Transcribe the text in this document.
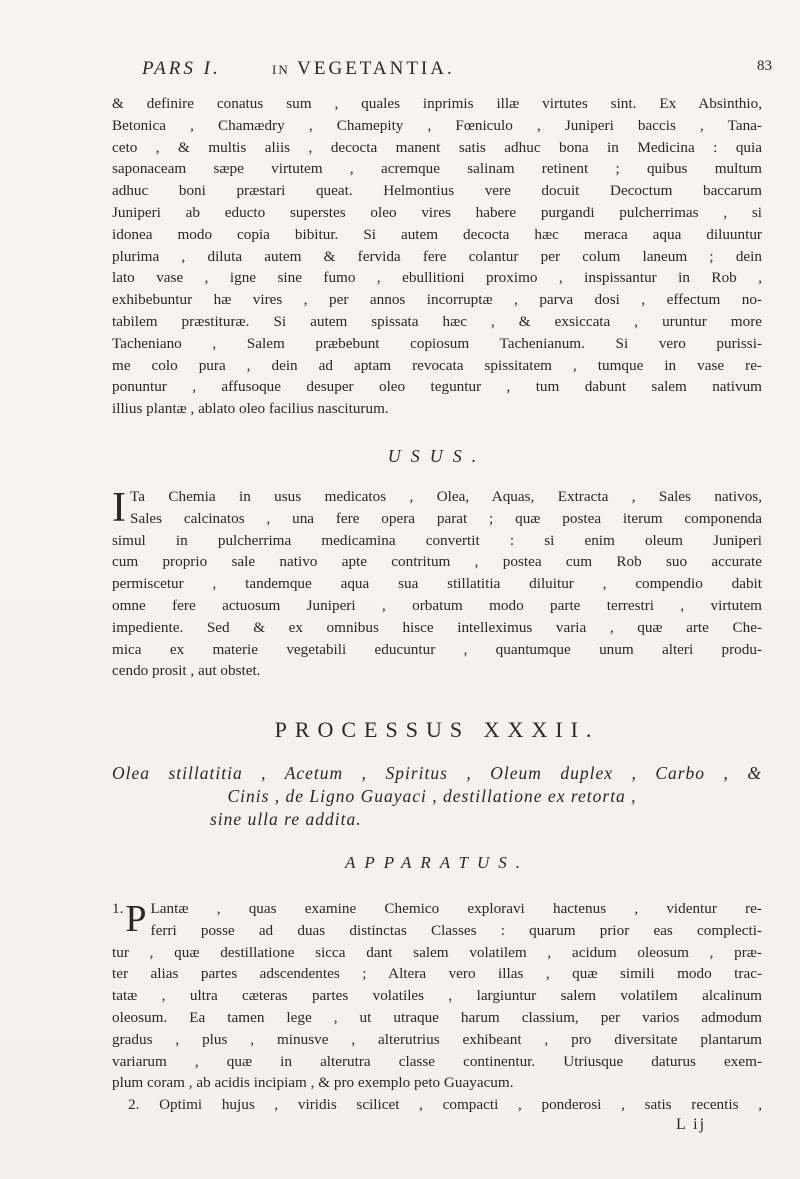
PARS I.	IN VEGETANTIA.	83
& definire conatus sum , quales inprimis illæ virtutes sint. Ex Absinthio,
Betonica , Chamædry , Chamepity , Fœniculo , Juniperi baccis , Tana-
ceto , & multis aliis , decocta manent satis adhuc bona in Medicina : quia
saponaceam sæpe virtutem , acremque salinam retinent ; quibus multum
adhuc boni præstari queat. Helmontius vere docuit Decoctum baccarum
Juniperi ab educto superstes oleo vires habere purgandi pulcherrimas , si
idonea modo copia bibitur. Si autem decocta hæc meraca aqua diluuntur
plurima , diluta autem & fervida fere colantur per colum laneum ; dein
lato vase , igne sine fumo , ebullitioni proximo , inspissantur in Rob ,
exhibebuntur hæ vires , per annos incorruptæ , parva dosi , effectum no-
tabilem præstituræ. Si autem spissata hæc , & exsiccata , uruntur more
Tacheniano , Salem præbebunt copiosum Tachenianum. Si vero purissi-
me colo pura , dein ad aptam revocata spissitatem , tumque in vase re-
ponuntur , affusoque desuper oleo teguntur , tum dabunt salem nativum
illius plantæ , ablato oleo facilius nasciturum.
USUS.
I Ta Chemia in usus medicatos , Olea, Aquas, Extracta , Sales nativos,
Sales calcinatos , una fere opera parat ; quæ postea iterum componenda
simul in pulcherrima medicamina convertit : si enim oleum Juniperi
cum proprio sale nativo apte contritum , postea cum Rob suo accurate
permiscetur , tandemque aqua sua stillatitia diluitur , compendio dabit
omne fere actuosum Juniperi , orbatum modo parte terrestri , virtutem
impediente. Sed & ex omnibus hisce intelleximus varia , quæ arte Che-
mica ex materie vegetabili educuntur , quantumque unum alteri produ-
cendo prosit , aut obstet.
PROCESSUS XXXII.
Olea stillatitia , Acetum , Spiritus , Oleum duplex , Carbo , &
Cinis , de Ligno Guayaci , destillatione ex retorta ,
sine ulla re addita.
APPARATUS.
1. P Lantæ , quas examine Chemico exploravi hactenus , videntur re-
ferri posse ad duas distinctas Classes : quarum prior eas complecti-
tur , quæ destillatione sicca dant salem volatilem , acidum oleosum , præ-
ter alias partes adscendentes ; Altera vero illas , quæ simili modo trac-
tatæ , ultra cæteras partes volatiles , largiuntur salem volatilem alcalinum
oleosum. Ea tamen lege , ut utraque harum classium, per varios admodum
gradus , plus , minusve , alterutrius exhibeant , pro diversitate plantarum
variarum , quæ in alterutra classe continentur. Utriusque daturus exem-
plum coram , ab acidis incipiam , & pro exemplo peto Guayacum.
2. Optimi hujus , viridis scilicet , compacti , ponderosi , satis recentis ,
L ij
